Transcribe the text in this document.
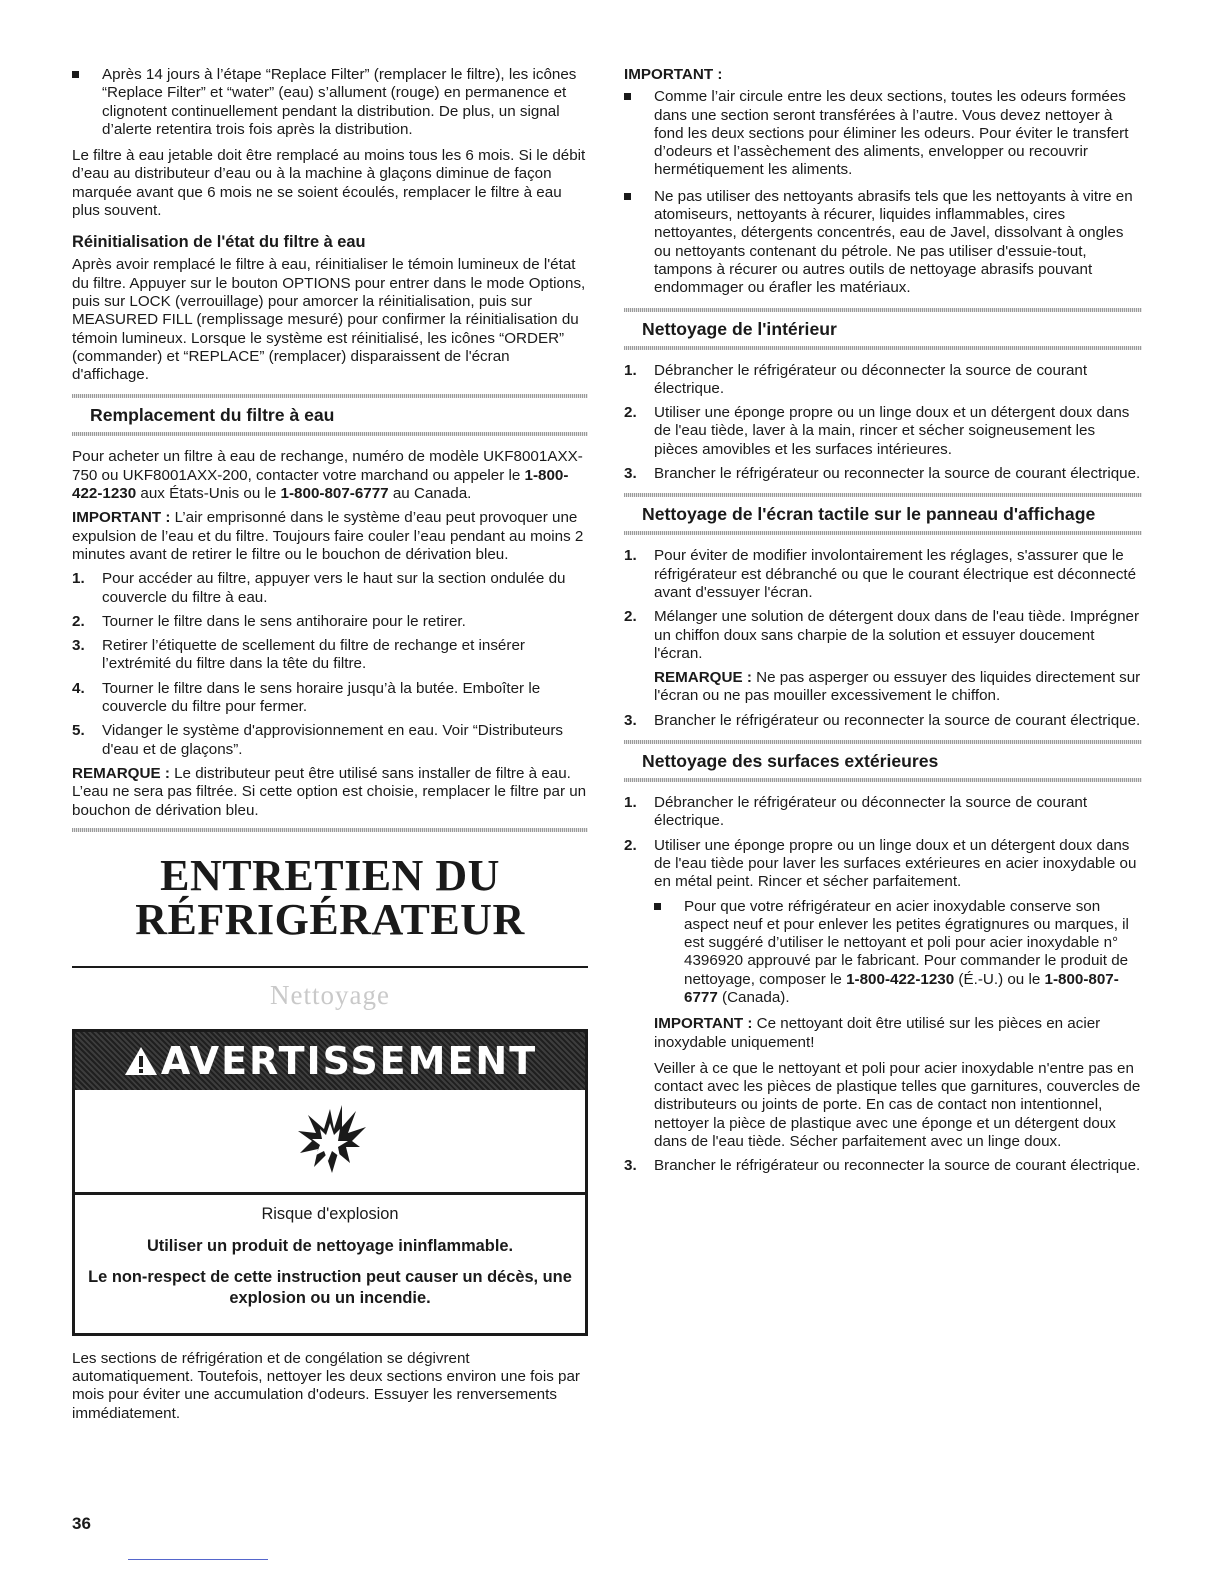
Après 14 jours à l’étape “Replace Filter” (remplacer le filtre), les icônes “Replace Filter” et “water” (eau) s’allument (rouge) en permanence et clignotent continuellement pendant la distribution. De plus, un signal d’alerte retentira trois fois après la distribution.

Le filtre à eau jetable doit être remplacé au moins tous les 6 mois. Si le débit d’eau au distributeur d’eau ou à la machine à glaçons diminue de façon marquée avant que 6 mois ne se soient écoulés, remplacer le filtre à eau plus souvent.

Réinitialisation de l'état du filtre à eau

Après avoir remplacé le filtre à eau, réinitialiser le témoin lumineux de l'état du filtre. Appuyer sur le bouton OPTIONS pour entrer dans le mode Options, puis sur LOCK (verrouillage) pour amorcer la réinitialisation, puis sur MEASURED FILL (remplissage mesuré) pour confirmer la réinitialisation du témoin lumineux. Lorsque le système est réinitialisé, les icônes “ORDER” (commander) et “REPLACE” (remplacer) disparaissent de l'écran d'affichage.

Remplacement du filtre à eau

Pour acheter un filtre à eau de rechange, numéro de modèle UKF8001AXX-750 ou UKF8001AXX-200, contacter votre marchand ou appeler le 1-800-422-1230 aux États-Unis ou le 1-800-807-6777 au Canada.

IMPORTANT : L’air emprisonné dans le système d’eau peut provoquer une expulsion de l’eau et du filtre. Toujours faire couler l’eau pendant au moins 2 minutes avant de retirer le filtre ou le bouchon de dérivation bleu.

1. Pour accéder au filtre, appuyer vers le haut sur la section ondulée du couvercle du filtre à eau.
2. Tourner le filtre dans le sens antihoraire pour le retirer.
3. Retirer l’étiquette de scellement du filtre de rechange et insérer l’extrémité du filtre dans la tête du filtre.
4. Tourner le filtre dans le sens horaire jusqu’à la butée. Emboîter le couvercle du filtre pour fermer.
5. Vidanger le système d'approvisionnement en eau. Voir “Distributeurs d'eau et de glaçons”.

REMARQUE : Le distributeur peut être utilisé sans installer de filtre à eau. L’eau ne sera pas filtrée. Si cette option est choisie, remplacer le filtre par un bouchon de dérivation bleu.

ENTRETIEN DU
RÉFRIGÉRATEUR
Nettoyage
AVERTISSEMENT
Risque d'explosion
Utiliser un produit de nettoyage ininflammable.
Le non-respect de cette instruction peut causer un décès, une explosion ou un incendie.

Les sections de réfrigération et de congélation se dégivrent automatiquement. Toutefois, nettoyer les deux sections environ une fois par mois pour éviter une accumulation d'odeurs. Essuyer les renversements immédiatement.

IMPORTANT :
Comme l’air circule entre les deux sections, toutes les odeurs formées dans une section seront transférées à l’autre. Vous devez nettoyer à fond les deux sections pour éliminer les odeurs. Pour éviter le transfert d’odeurs et l’assèchement des aliments, envelopper ou recouvrir hermétiquement les aliments.
Ne pas utiliser des nettoyants abrasifs tels que les nettoyants à vitre en atomiseurs, nettoyants à récurer, liquides inflammables, cires nettoyantes, détergents concentrés, eau de Javel, dissolvant à ongles ou nettoyants contenant du pétrole. Ne pas utiliser d'essuie-tout, tampons à récurer ou autres outils de nettoyage abrasifs pouvant endommager ou érafler les matériaux.
Nettoyage de l'intérieur
1. Débrancher le réfrigérateur ou déconnecter la source de courant électrique.
2. Utiliser une éponge propre ou un linge doux et un détergent doux dans de l'eau tiède, laver à la main, rincer et sécher soigneusement les pièces amovibles et les surfaces intérieures.
3. Brancher le réfrigérateur ou reconnecter la source de courant électrique.
Nettoyage de l'écran tactile sur le panneau d'affichage
1. Pour éviter de modifier involontairement les réglages, s'assurer que le réfrigérateur est débranché ou que le courant électrique est déconnecté avant d'essuyer l'écran.
2. Mélanger une solution de détergent doux dans de l'eau tiède. Imprégner un chiffon doux sans charpie de la solution et essuyer doucement l'écran.
REMARQUE : Ne pas asperger ou essuyer des liquides directement sur l'écran ou ne pas mouiller excessivement le chiffon.
3. Brancher le réfrigérateur ou reconnecter la source de courant électrique.
Nettoyage des surfaces extérieures
1. Débrancher le réfrigérateur ou déconnecter la source de courant électrique.
2. Utiliser une éponge propre ou un linge doux et un détergent doux dans de l'eau tiède pour laver les surfaces extérieures en acier inoxydable ou en métal peint. Rincer et sécher parfaitement.
Pour que votre réfrigérateur en acier inoxydable conserve son aspect neuf et pour enlever les petites égratignures ou marques, il est suggéré d’utiliser le nettoyant et poli pour acier inoxydable n° 4396920 approuvé par le fabricant. Pour commander le produit de nettoyage, composer le 1-800-422-1230 (É.-U.) ou le 1-800-807-6777 (Canada).
IMPORTANT : Ce nettoyant doit être utilisé sur les pièces en acier inoxydable uniquement!
Veiller à ce que le nettoyant et poli pour acier inoxydable n'entre pas en contact avec les pièces de plastique telles que garnitures, couvercles de distributeurs ou joints de porte. En cas de contact non intentionnel, nettoyer la pièce de plastique avec une éponge et un détergent doux dans de l'eau tiède. Sécher parfaitement avec un linge doux.
3. Brancher le réfrigérateur ou reconnecter la source de courant électrique.
36
